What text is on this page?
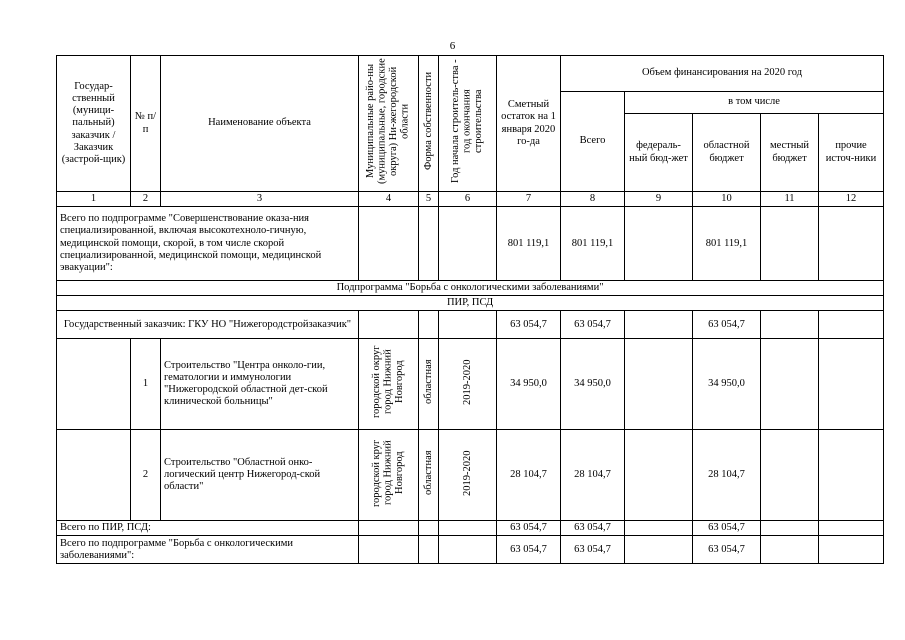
6
Государ-ственный (муници-пальный) заказчик /Заказчик (застрой-щик)	№ п/п	Наименование объекта	Муниципальные райо-ны (муниципальные, городские округа) Ни-жегородской области	Форма собственности	Год начала строитель-ства - год окончания строительства	Сметный остаток на 1 января 2020 го-да	Объем финансирования на 2020 год				
							Всего	в том числе			
								федераль-ный бюд-жет	областной бюджет	местный бюджет	прочие источ-ники
1	2	3	4	5	6	7	8	9	10	11	12
Всего по подпрограмме "Совершенствование оказа-ния специализированной, включая высокотехноло-гичную, медицинской помощи, скорой, в том числе скорой специализированной, медицинской помощи, медицинской эвакуации":						801 119,1	801 119,1		801 119,1		
Подпрограмма "Борьба с онкологическими заболеваниями"											
ПИР, ПСД											
Государственный заказчик: ГКУ НО "Нижегородстройзаказчик"						63 054,7	63 054,7		63 054,7		
	1	Строительство "Центра онколо-гии, гематологии и иммунологии "Нижегородской областной дет-ской клинической больницы"	городской округ город Нижний Новгород	областная	2019-2020	34 950,0	34 950,0		34 950,0		
	2	Строительство "Областной онко-логический центр Нижегород-ской области"	городской круг город Нижний Новгород	областная	2019-2020	28 104,7	28 104,7		28 104,7		
Всего по ПИР, ПСД:						63 054,7	63 054,7		63 054,7		
Всего по подпрограмме "Борьба с онкологическими заболеваниями":						63 054,7	63 054,7		63 054,7		
